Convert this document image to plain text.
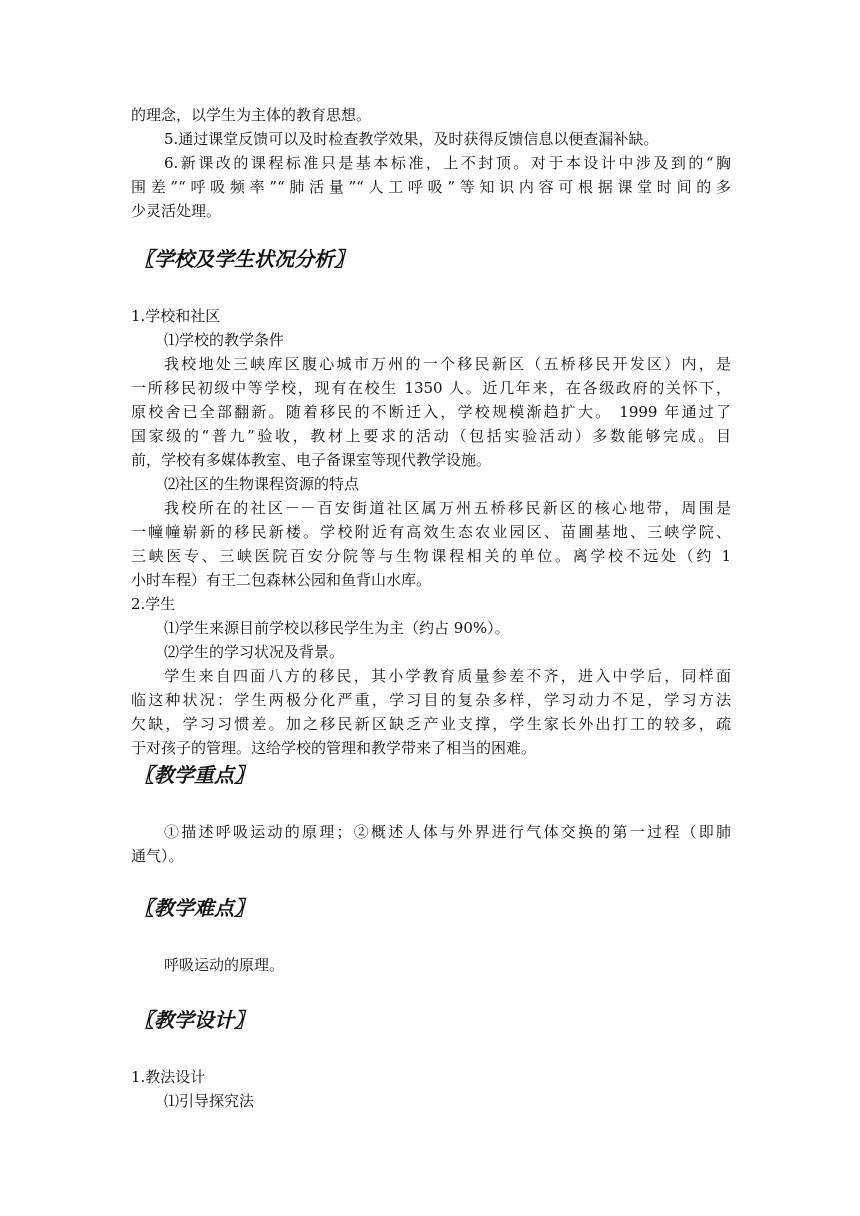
的理念，以学生为主体的教育思想。
5.通过课堂反馈可以及时检查教学效果，及时获得反馈信息以便查漏补缺。
6.新课改的课程标准只是基本标准，上不封顶。对于本设计中涉及到的“胸
围差”“呼吸频率”“肺活量”“人工呼吸”等知识内容可根据课堂时间的多
少灵活处理。
〖学校及学生状况分析〗
1.学校和社区
⑴学校的教学条件
我校地处三峡库区腹心城市万州的一个移民新区（五桥移民开发区）内，是
一所移民初级中等学校，现有在校生 1350 人。近几年来，在各级政府的关怀下，
原校舍已全部翻新。随着移民的不断迁入，学校规模渐趋扩大。 1999 年通过了
国家级的“普九”验收，教材上要求的活动（包括实验活动）多数能够完成。目
前，学校有多媒体教室、电子备课室等现代教学设施。
⑵社区的生物课程资源的特点
我校所在的社区－－百安街道社区属万州五桥移民新区的核心地带，周围是
一幢幢崭新的移民新楼。学校附近有高效生态农业园区、苗圃基地、三峡学院、
三峡医专、三峡医院百安分院等与生物课程相关的单位。离学校不远处（约 1
小时车程）有王二包森林公园和鱼背山水库。
2.学生
⑴学生来源目前学校以移民学生为主（约占 90%）。
⑵学生的学习状况及背景。
学生来自四面八方的移民，其小学教育质量参差不齐，进入中学后，同样面
临这种状况：学生两极分化严重，学习目的复杂多样，学习动力不足，学习方法
欠缺，学习习惯差。加之移民新区缺乏产业支撑，学生家长外出打工的较多，疏
于对孩子的管理。这给学校的管理和教学带来了相当的困难。
〖教学重点〗
①描述呼吸运动的原理；②概述人体与外界进行气体交换的第一过程（即肺
通气）。
〖教学难点〗
呼吸运动的原理。
〖教学设计〗
1.教法设计
⑴引导探究法
